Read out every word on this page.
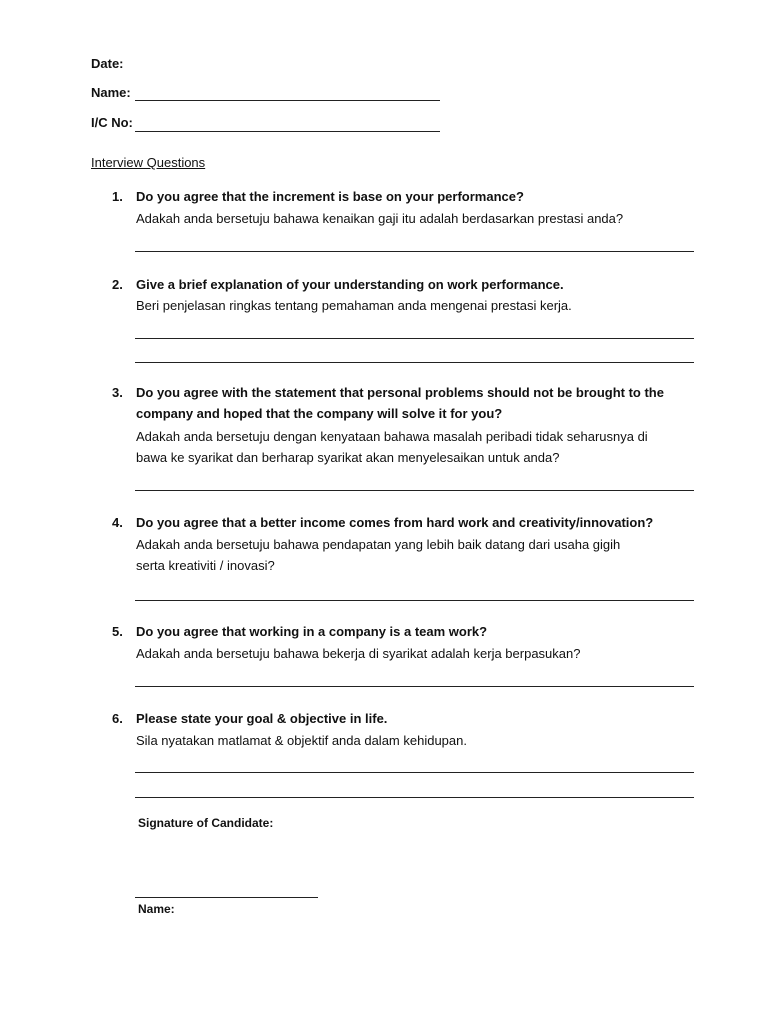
Date:
Name:
I/C No:
Interview Questions
1. Do you agree that the increment is base on your performance?
Adakah anda bersetuju bahawa kenaikan gaji itu adalah berdasarkan prestasi anda?
2. Give a brief explanation of your understanding on work performance.
Beri penjelasan ringkas tentang pemahaman anda mengenai prestasi kerja.
3. Do you agree with the statement that personal problems should not be brought to the
company and hoped that the company will solve it for you?
Adakah anda bersetuju dengan kenyataan bahawa masalah peribadi tidak seharusnya di
bawa ke syarikat dan berharap syarikat akan menyelesaikan untuk anda?
4. Do you agree that a better income comes from hard work and creativity/innovation?
Adakah anda bersetuju bahawa pendapatan yang lebih baik datang dari usaha gigih
serta kreativiti / inovasi?
5. Do you agree that working in a company is a team work?
Adakah anda bersetuju bahawa bekerja di syarikat adalah kerja berpasukan?
6. Please state your goal & objective in life.
Sila nyatakan matlamat & objektif anda dalam kehidupan.
Signature of Candidate:
Name:
